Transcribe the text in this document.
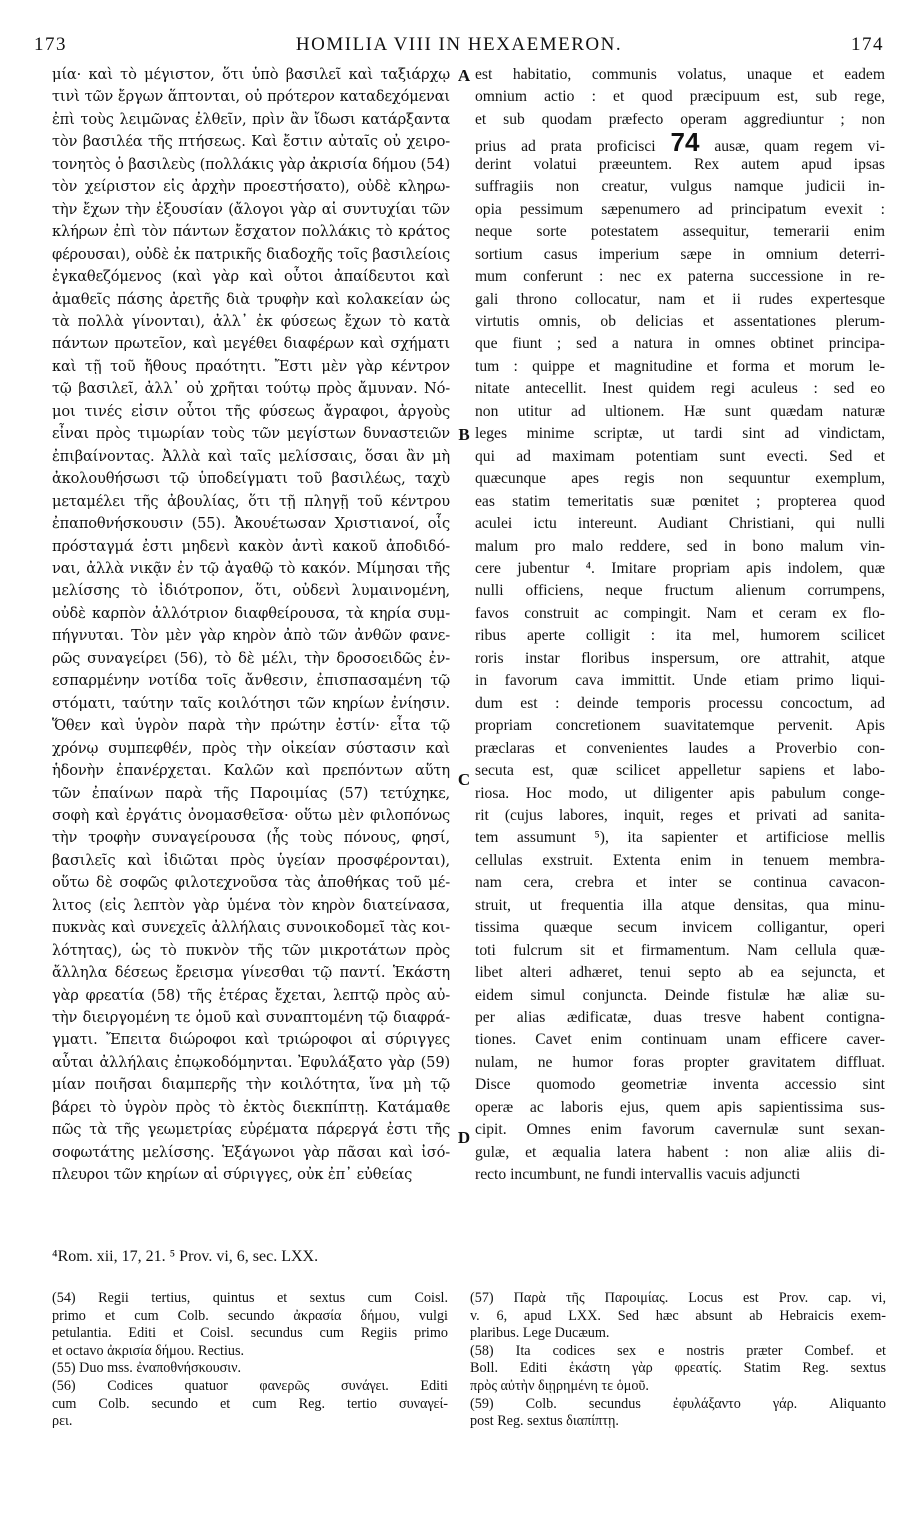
173	HOMILIA VIII IN HEXAEMERON.	174
μία· καὶ τὸ μέγιστον, ὅτι ὑπὸ βασιλεῖ καὶ ταξιάρχῳ
τινὶ τῶν ἔργων ἅπτονται, οὐ πρότερον καταδεχόμεναι
ἐπὶ τοὺς λειμῶνας ἐλθεῖν, πρὶν ἂν ἴδωσι κατάρξαντα
τὸν βασιλέα τῆς πτήσεως. Καὶ ἔστιν αὐταῖς οὐ χειρο-
τονητὸς ὁ βασιλεὺς (πολλάκις γὰρ ἀκρισία δήμου (54)
τὸν χείριστον εἰς ἀρχὴν προεστήσατο), οὐδὲ κληρω-
τὴν ἔχων τὴν ἐξουσίαν (ἄλογοι γὰρ αἱ συντυχίαι τῶν
κλήρων ἐπὶ τὸν πάντων ἔσχατον πολλάκις τὸ κράτος
φέρουσαι), οὐδὲ ἐκ πατρικῆς διαδοχῆς τοῖς βασιλείοις
ἐγκαθεζόμενος (καὶ γὰρ καὶ οὗτοι ἀπαίδευτοι καὶ
ἀμαθεῖς πάσης ἀρετῆς διὰ τρυφὴν καὶ κολακείαν ὡς
τὰ πολλὰ γίνονται), ἀλλ᾽ ἐκ φύσεως ἔχων τὸ κατὰ
πάντων πρωτεῖον, καὶ μεγέθει διαφέρων καὶ σχήματι
καὶ τῇ τοῦ ἤθους πραότητι. Ἔστι μὲν γὰρ κέντρον
τῷ βασιλεῖ, ἀλλ᾽ οὐ χρῆται τούτῳ πρὸς ἄμυναν. Νό-
μοι τινές εἰσιν οὗτοι τῆς φύσεως ἄγραφοι, ἀργοὺς
εἶναι πρὸς τιμωρίαν τοὺς τῶν μεγίστων δυναστειῶν
ἐπιβαίνοντας. Ἀλλὰ καὶ ταῖς μελίσσαις, ὅσαι ἂν μὴ
ἀκολουθήσωσι τῷ ὑποδείγματι τοῦ βασιλέως, ταχὺ
μεταμέλει τῆς ἀβουλίας, ὅτι τῇ πληγῇ τοῦ κέντρου
ἐπαποθνήσκουσιν (55). Ἀκουέτωσαν Χριστιανοί, οἷς
πρόσταγμά ἐστι μηδενὶ κακὸν ἀντὶ κακοῦ ἀποδιδό-
ναι, ἀλλὰ νικᾷν ἐν τῷ ἀγαθῷ τὸ κακόν. Μίμησαι τῆς
μελίσσης τὸ ἰδιότροπον, ὅτι, οὐδενὶ λυμαινομένη,
οὐδὲ καρπὸν ἀλλότριον διαφθείρουσα, τὰ κηρία συμ-
πήγνυται. Τὸν μὲν γὰρ κηρὸν ἀπὸ τῶν ἀνθῶν φανε-
ρῶς συναγείρει (56), τὸ δὲ μέλι, τὴν δροσοειδῶς ἐν-
εσπαρμένην νοτίδα τοῖς ἄνθεσιν, ἐπισπασαμένη τῷ
στόματι, ταύτην ταῖς κοιλότησι τῶν κηρίων ἐνίησιν.
Ὅθεν καὶ ὑγρὸν παρὰ τὴν πρώτην ἐστίν· εἶτα τῷ
χρόνῳ συμπεφθέν, πρὸς τὴν οἰκείαν σύστασιν καὶ
ἡδονὴν ἐπανέρχεται. Καλῶν καὶ πρεπόντων αὕτη
τῶν ἐπαίνων παρὰ τῆς Παροιμίας (57) τετύχηκε,
σοφὴ καὶ ἐργάτις ὀνομασθεῖσα· οὕτω μὲν φιλοπόνως
τὴν τροφὴν συναγείρουσα (ἧς τοὺς πόνους, φησί,
βασιλεῖς καὶ ἰδιῶται πρὸς ὑγείαν προσφέρονται),
οὕτω δὲ σοφῶς φιλοτεχνοῦσα τὰς ἀποθήκας τοῦ μέ-
λιτος (εἰς λεπτὸν γὰρ ὑμένα τὸν κηρὸν διατείνασα,
πυκνὰς καὶ συνεχεῖς ἀλλήλαις συνοικοδομεῖ τὰς κοι-
λότητας), ὡς τὸ πυκνὸν τῆς τῶν μικροτάτων πρὸς
ἄλληλα δέσεως ἔρεισμα γίνεσθαι τῷ παντί. Ἑκάστη
γὰρ φρεατία (58) τῆς ἑτέρας ἔχεται, λεπτῷ πρὸς αὐ-
τὴν διειργομένη τε ὁμοῦ καὶ συναπτομένη τῷ διαφρά-
γματι. Ἔπειτα διώροφοι καὶ τριώροφοι αἱ σύριγγες
αὗται ἀλλήλαις ἐπῳκοδόμηνται. Ἐφυλάξατο γὰρ (59)
μίαν ποιῆσαι διαμπερῆς τὴν κοιλότητα, ἵνα μὴ τῷ
βάρει τὸ ὑγρὸν πρὸς τὸ ἐκτὸς διεκπίπτῃ. Κατάμαθε
πῶς τὰ τῆς γεωμετρίας εὑρέματα πάρεργά ἐστι τῆς
σοφωτάτης μελίσσης. Ἑξάγωνοι γὰρ πᾶσαι καὶ ἰσό-
πλευροι τῶν κηρίων αἱ σύριγγες, οὐκ ἐπ᾽ εὐθείας
est habitatio, communis volatus, unaque et eadem
omnium actio : et quod præcipuum est, sub rege,
et sub quodam præfecto operam aggrediuntur ; non
prius ad prata proficisci 74 ausæ, quam regem vi-
derint volatui præeuntem. Rex autem apud ipsas
suffragiis non creatur, vulgus namque judicii in-
opia pessimum sæpenumero ad principatum evexit :
neque sorte potestatem assequitur, temerarii enim
sortium casus imperium sæpe in omnium deterri-
mum conferunt : nec ex paterna successione in re-
gali throno collocatur, nam et ii rudes expertesque
virtutis omnis, ob delicias et assentationes plerum-
que fiunt ; sed a natura in omnes obtinet principa-
tum : quippe et magnitudine et forma et morum le-
nitate antecellit. Inest quidem regi aculeus : sed eo
non utitur ad ultionem. Hæ sunt quædam naturæ
leges minime scriptæ, ut tardi sint ad vindictam,
qui ad maximam potentiam sunt evecti. Sed et
quæcunque apes regis non sequuntur exemplum,
eas statim temeritatis suæ pœnitet ; propterea quod
aculei ictu intereunt. Audiant Christiani, qui nulli
malum pro malo reddere, sed in bono malum vin-
cere jubentur ⁴. Imitare propriam apis indolem, quæ
nulli officiens, neque fructum alienum corrumpens,
favos construit ac compingit. Nam et ceram ex flo-
ribus aperte colligit : ita mel, humorem scilicet
roris instar floribus inspersum, ore attrahit, atque
in favorum cava immittit. Unde etiam primo liqui-
dum est : deinde temporis processu concoctum, ad
propriam concretionem suavitatemque pervenit. Apis
præclaras et convenientes laudes a Proverbio con-
secuta est, quæ scilicet appelletur sapiens et labo-
riosa. Hoc modo, ut diligenter apis pabulum conge-
rit (cujus labores, inquit, reges et privati ad sanita-
tem assumunt ⁵), ita sapienter et artificiose mellis
cellulas exstruit. Extenta enim in tenuem membra-
nam cera, crebra et inter se continua cavacon-
struit, ut frequentia illa atque densitas, qua minu-
tissima quæque secum invicem colligantur, operi
toti fulcrum sit et firmamentum. Nam cellula quæ-
libet alteri adhæret, tenui septo ab ea sejuncta, et
eidem simul conjuncta. Deinde fistulæ hæ aliæ su-
per alias ædificatæ, duas tresve habent contigna-
tiones. Cavet enim continuam unam efficere caver-
nulam, ne humor foras propter gravitatem diffluat.
Disce quomodo geometriæ inventa accessio sint
operæ ac laboris ejus, quem apis sapientissima sus-
cipit. Omnes enim favorum cavernulæ sunt sexan-
gulæ, et æqualia latera habent : non aliæ aliis di-
recto incumbunt, ne fundi intervallis vacuis adjuncti
A
B
C
D
⁴Rom. xii, 17, 21. ⁵ Prov. vi, 6, sec. LXX.
(54) Regii tertius, quintus et sextus cum Coisl.
primo et cum Colb. secundo ἀκρασία δήμου, vulgi
petulantia. Editi et Coisl. secundus cum Regiis primo
et octavo ἀκρισία δήμου. Rectius.
(55) Duo mss. ἐναποθνήσκουσιν.
(56) Codices quatuor φανερῶς συνάγει. Editi
cum Colb. secundo et cum Reg. tertio συναγεί-
ρει.
(57) Παρὰ τῆς Παροιμίας. Locus est Prov. cap. vi,
v. 6, apud LXX. Sed hæc absunt ab Hebraicis exem-
plaribus. Lege Ducæum.
(58) Ita codices sex e nostris præter Combef. et
Boll. Editi ἑκάστη γὰρ φρεατίς. Statim Reg. sextus
πρὸς αὐτὴν διῃρημένη τε ὁμοῦ.
(59) Colb. secundus ἐφυλάξαντο γάρ. Aliquanto
post Reg. sextus διαπίπτῃ.
